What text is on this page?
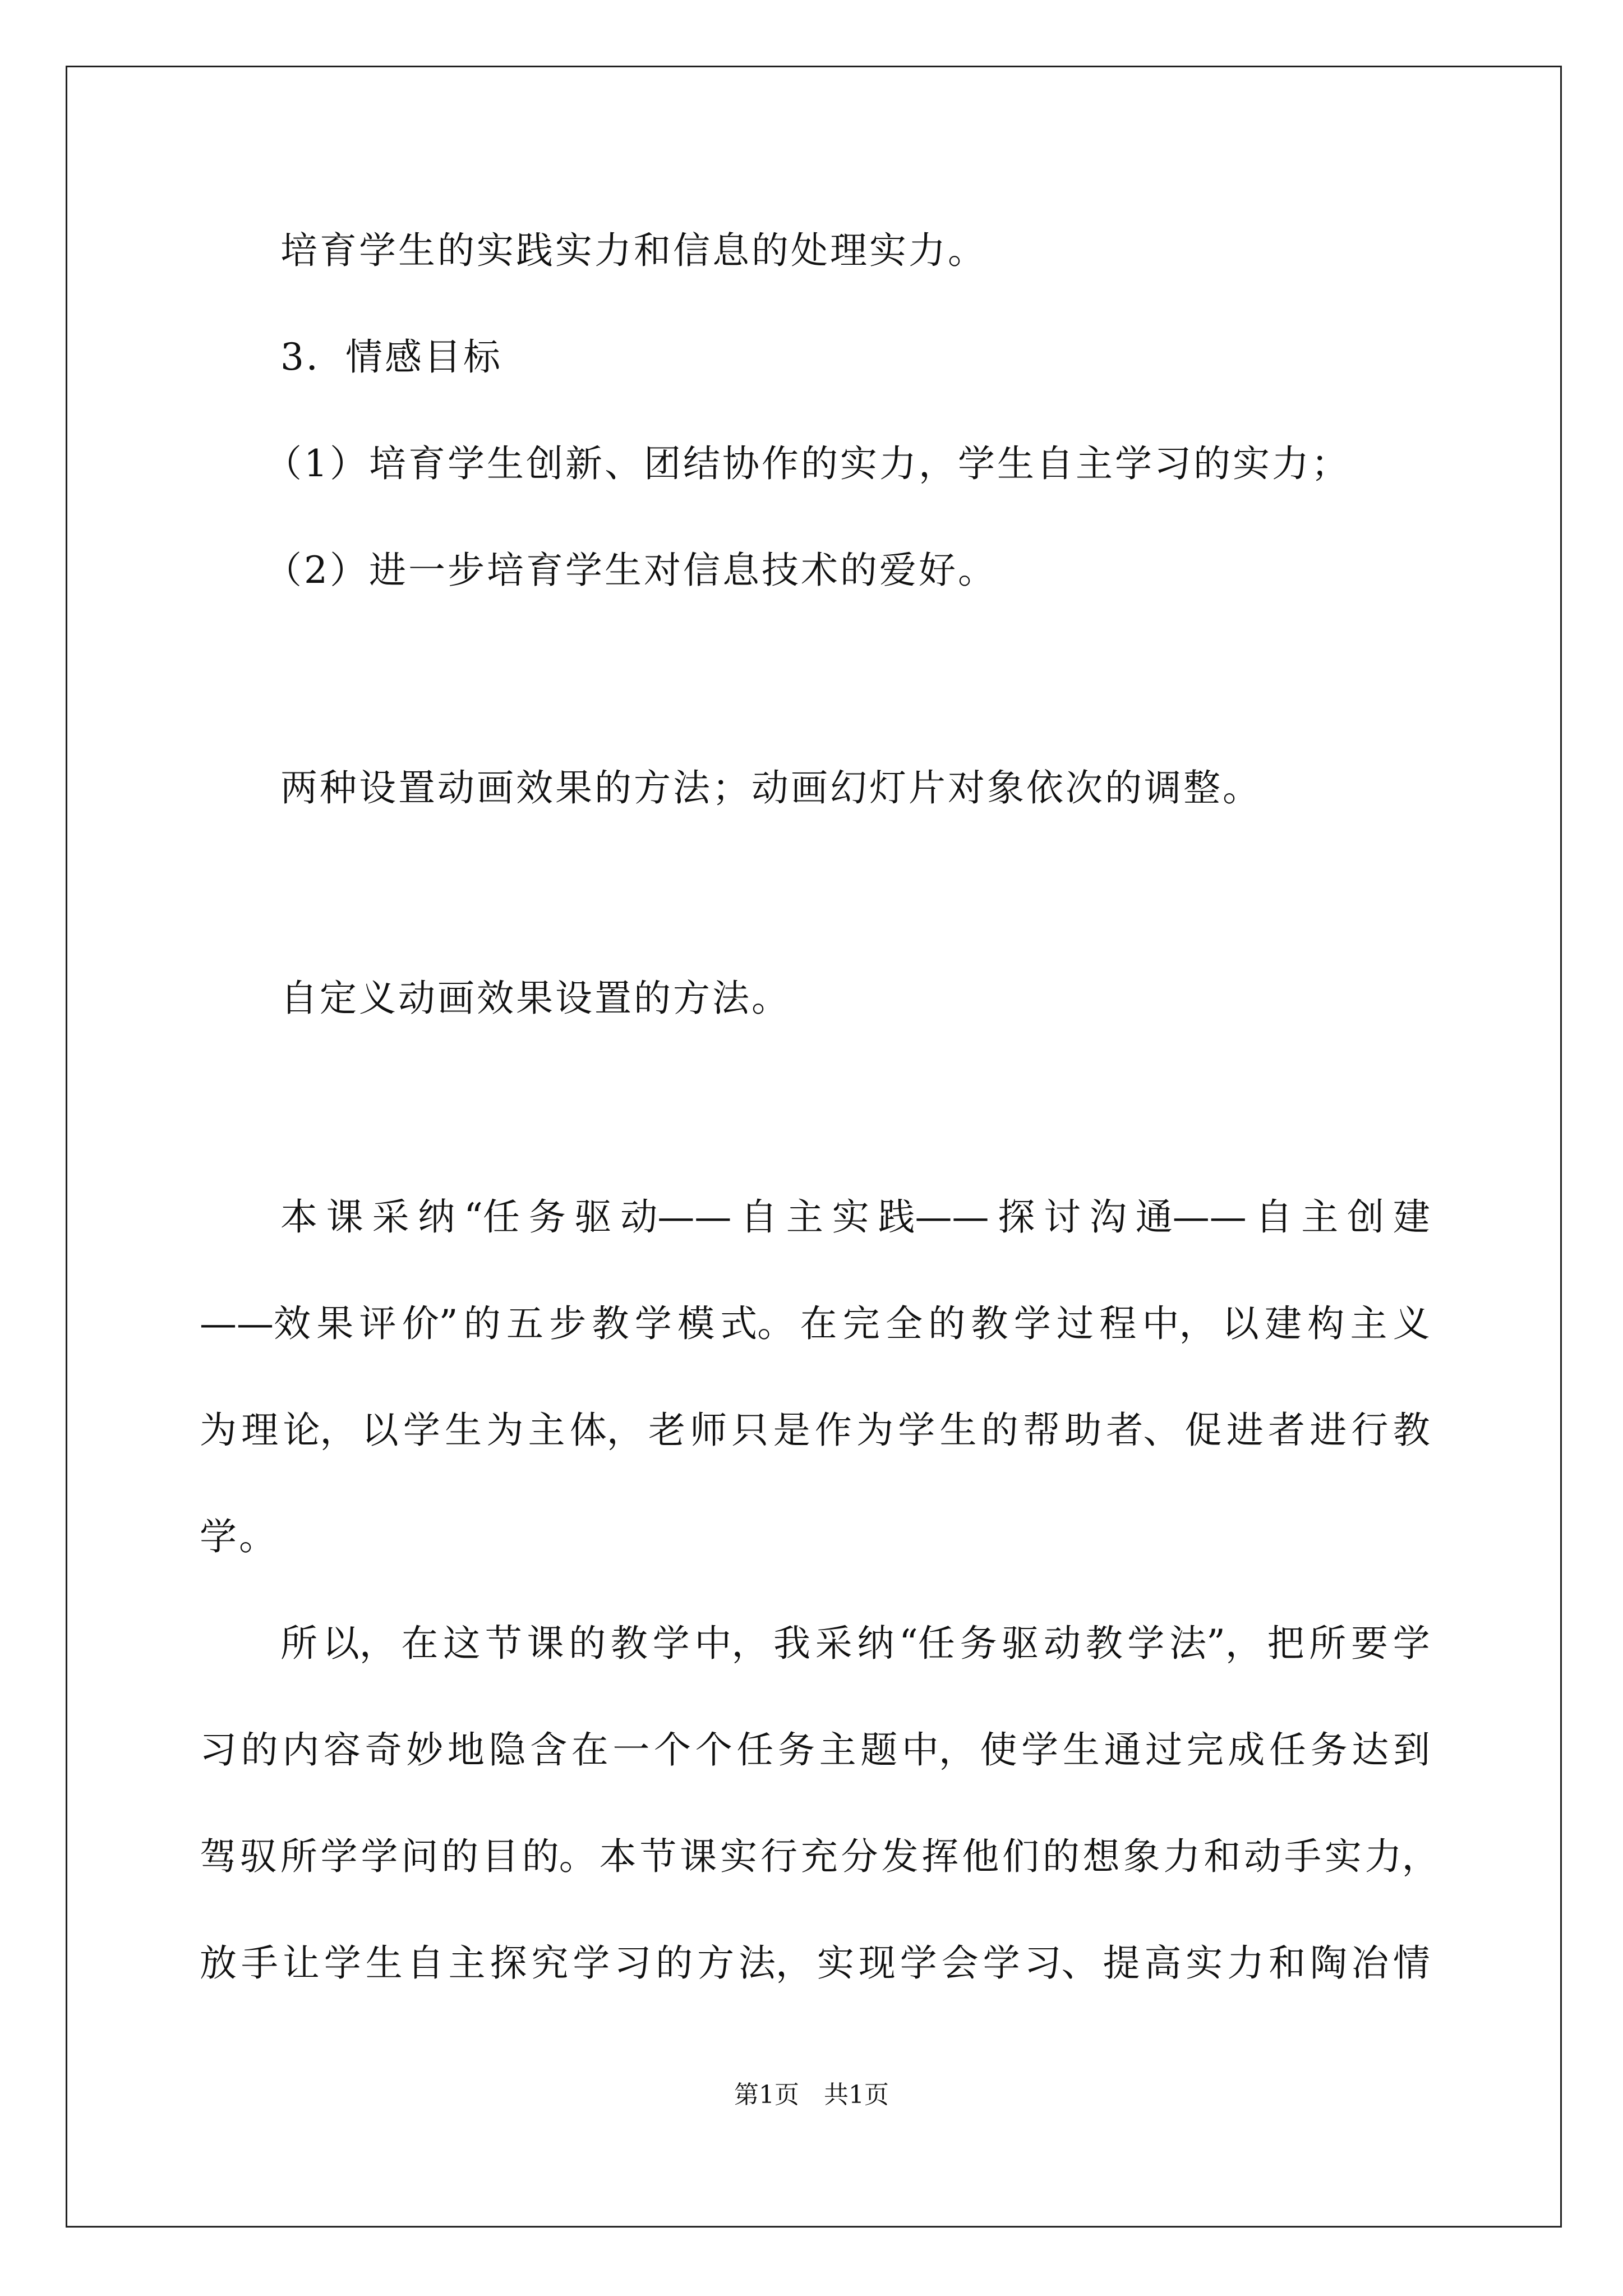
培育学生的实践实力和信息的处理实力。
3．情感目标
（1）培育学生创新、团结协作的实力，学生自主学习的实力；
（2）进一步培育学生对信息技术的爱好。
两种设置动画效果的方法；动画幻灯片对象依次的调整。
自定义动画效果设置的方法。
本 课 采 纳 “任 务 驱 动—— 自 主 实 践—— 探 讨 沟 通—— 自 主 创 建
——效 果 评 价” 的 五 步 教 学 模 式。 在 完 全 的 教 学 过 程 中， 以 建 构 主 义
为 理 论， 以 学 生 为 主 体， 老 师 只 是 作 为 学 生 的 帮 助 者、 促 进 者 进 行 教
学。
所 以， 在 这 节 课 的 教 学 中， 我 采 纳 “任 务 驱 动 教 学 法”， 把 所 要 学
习 的 内 容 奇 妙 地 隐 含 在 一 个 个 任 务 主 题 中， 使 学 生 通 过 完 成 任 务 达 到
驾 驭 所 学 学 问 的 目 的。 本 节 课 实 行 充 分 发 挥 他 们 的 想 象 力 和 动 手 实 力，
放 手 让 学 生 自 主 探 究 学 习 的 方 法， 实 现 学 会 学 习、 提 高 实 力 和 陶 冶 情
第1页　共1页
